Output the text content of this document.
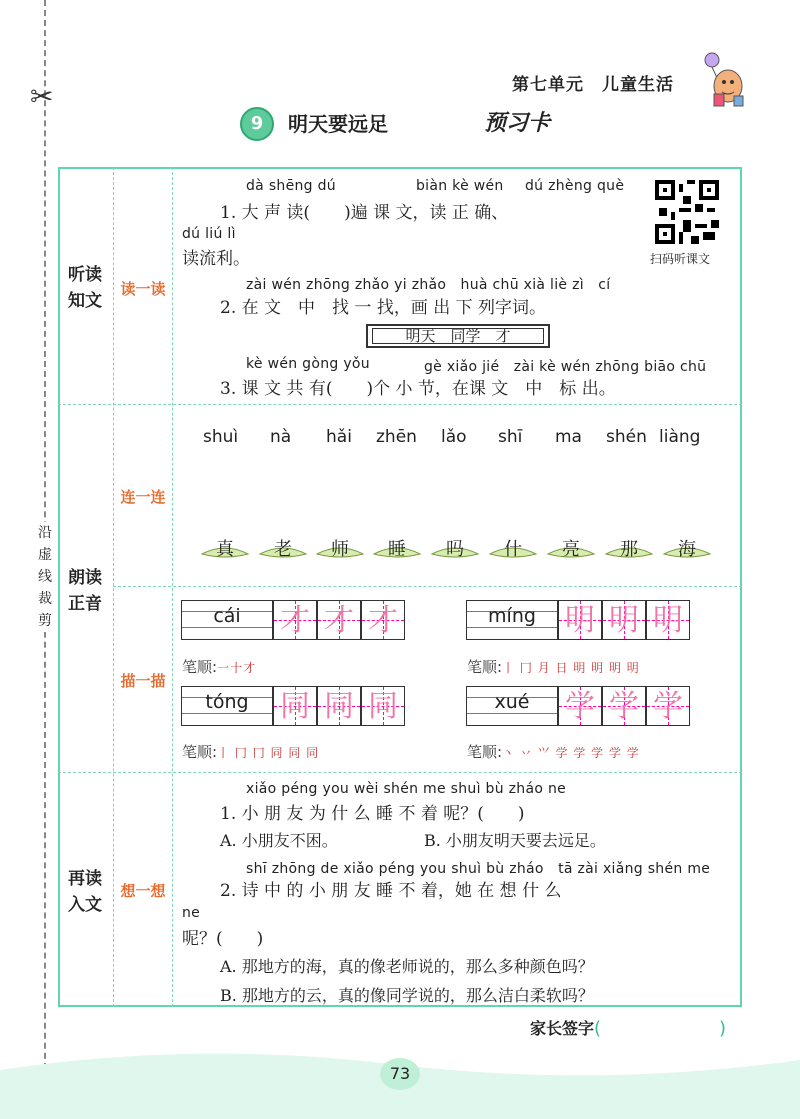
✂
沿
虚
线
裁
剪
第七单元　儿童生活
9	明天要远足	预习卡
听读
知文
朗读
正音
再读
入文
读一读
连一连
描一描
想一想
dà shēng dú	biàn kè wén dú zhèng què
1. 大 声 读(　　)遍 课 文，读 正 确、
dú liú lì
读流利。	扫码听课文
zài wén zhōng zhǎo yi zhǎo　huà chū xià liè zì　cí
2. 在 文　中　找 一 找，画 出 下 列字词。
明天　同学　才
kè wén gòng yǒu	gè xiǎo jié　zài kè wén zhōng biāo chū
3. 课 文 共 有(　　)个 小 节，在课 文　中　标 出。
shuì nà hǎi zhēn lǎo shī ma shén liàng
真	老	师	睡	吗	什	亮	那	海
cái	才 才 才
笔顺:一十才
míng 明 明 明
笔顺:丨 冂 月 日 明 明 明 明
tóng	同 同 同
笔顺:丨 冂 冂 同 同 同
xué	学 学 学
笔顺:丶 丷 ⺍ 学 学 学 学 学
xiǎo péng you wèi shén me shuì bù zháo ne
1. 小 朋 友 为 什 么 睡 不 着 呢？(　　)
A. 小朋友不困。	B. 小朋友明天要去远足。
shī zhōng de xiǎo péng you shuì bù zháo　tā zài xiǎng shén me
2. 诗 中 的 小 朋 友 睡 不 着，她 在 想 什 么
ne
呢？(　　)
A. 那地方的海，真的像老师说的，那么多种颜色吗？
B. 那地方的云，真的像同学说的，那么洁白柔软吗？
家长签字(	)
73
